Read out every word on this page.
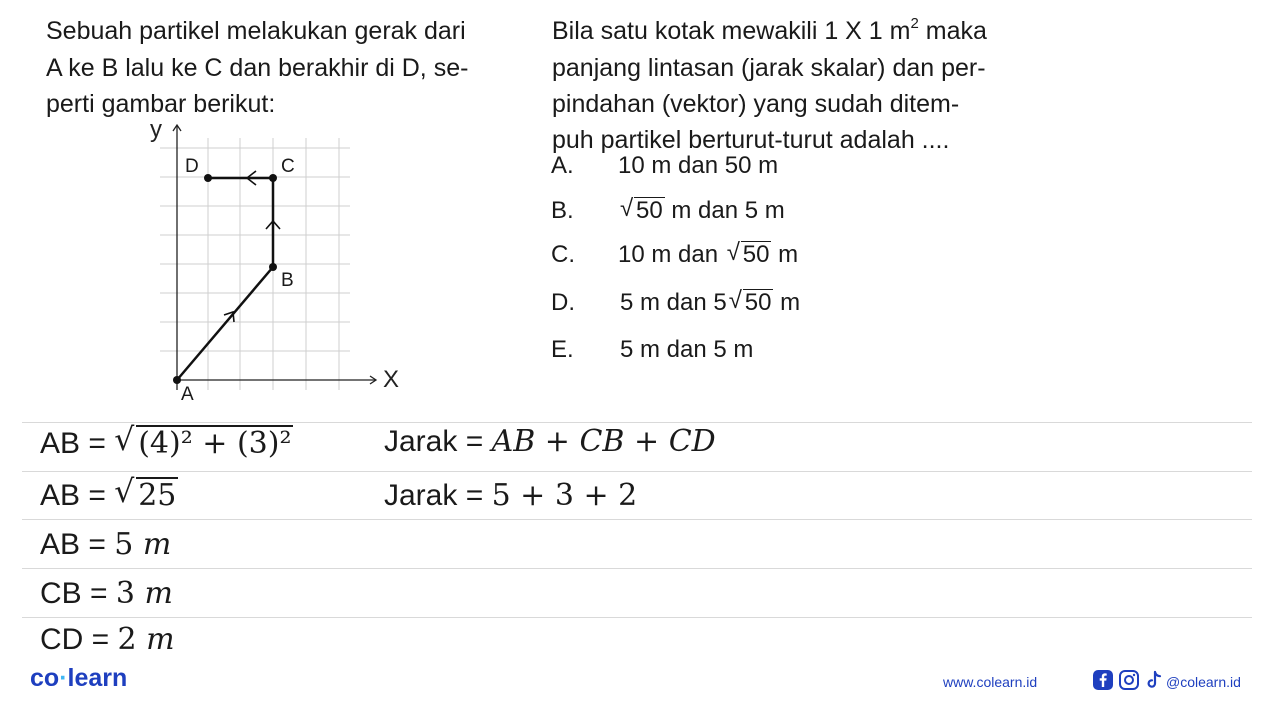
Sebuah partikel melakukan gerak dari
A ke B lalu ke C dan berakhir di D, se-
perti gambar berikut:
Bila satu kotak mewakili 1 X 1 $m^2$ maka
panjang lintasan (jarak skalar) dan per-
pindahan (vektor) yang sudah ditem-
puh partikel berturut-turut adalah ....
y
X
A
B
C
D	A. 10 m dan 50 m
B. √ 50 m dan 5 m
C. 10 m dan √ 50 m
D. 5 m dan 5 √ 50 m
E. 5 m dan 5 m
AB = √ (4)² + (3)²
AB = √ 25
AB = 5 m
CB = 3 m
CD = 2 m
Jarak = AB + CB + CD
Jarak = 5 + 3 + 2
co·learn	www.colearn.id	@colearn.id
